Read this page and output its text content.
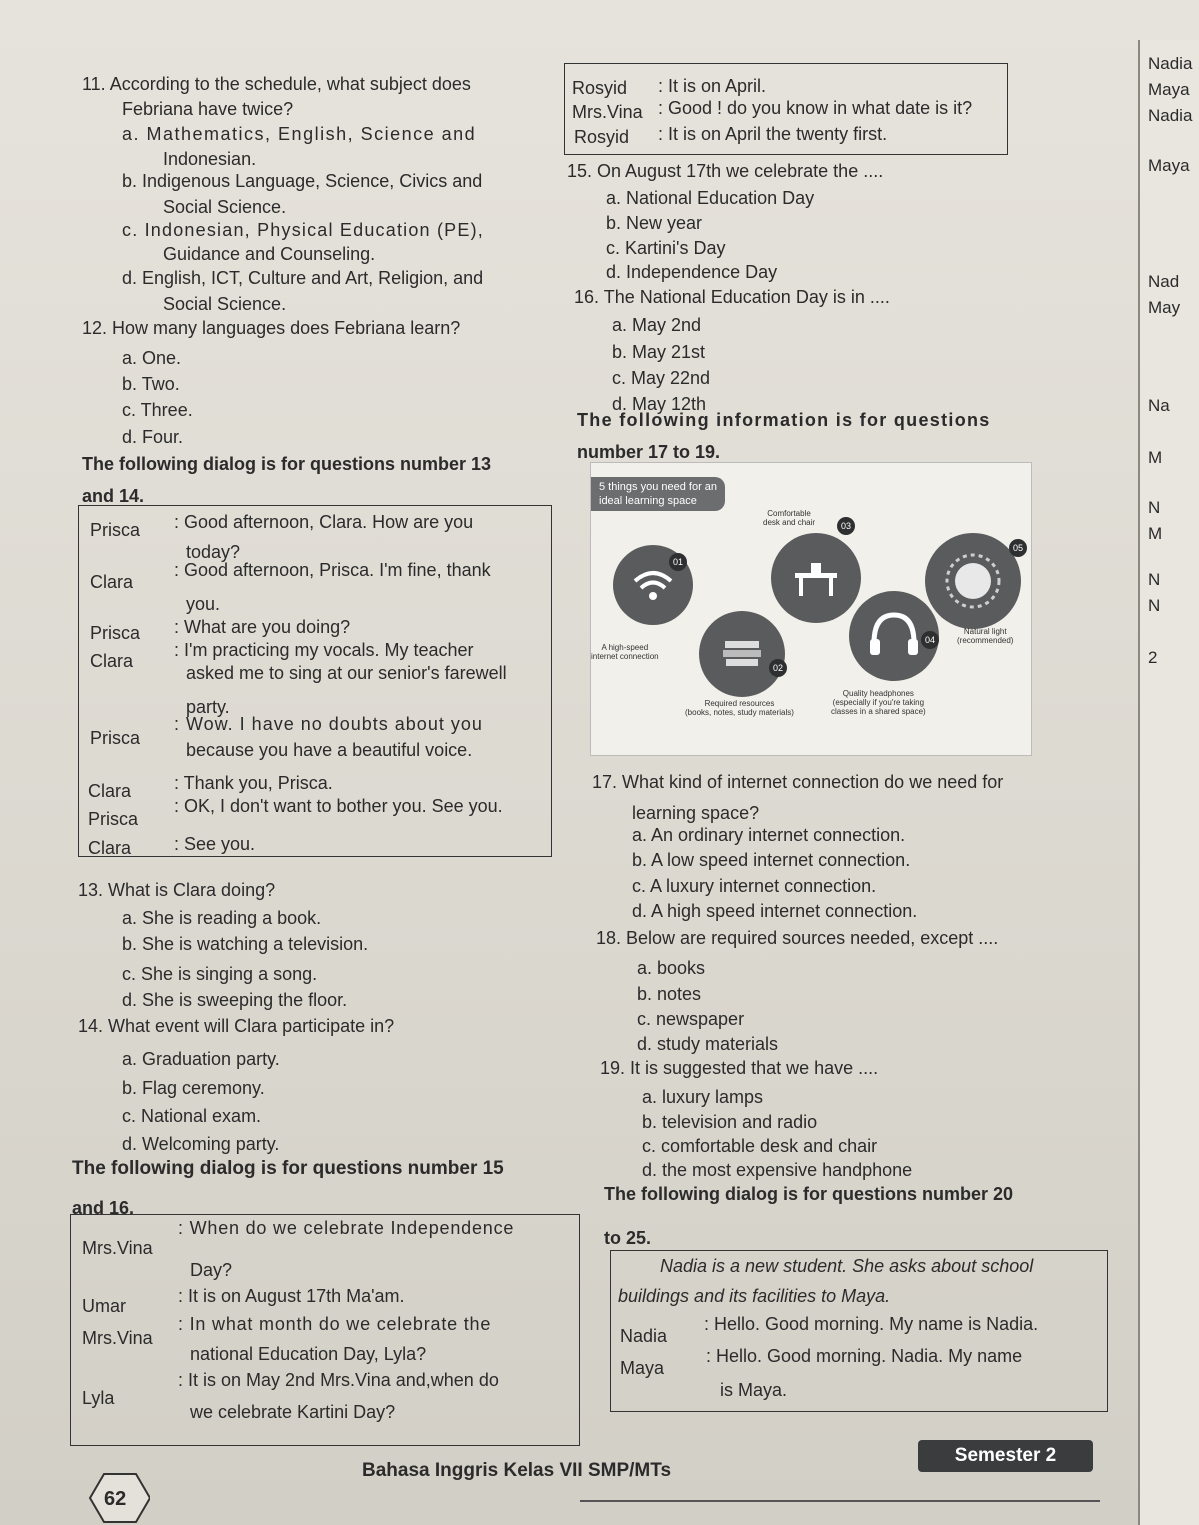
Nadia
Maya
Nadia
Maya
Nad
May
Na
M
N
M
N
N
2
11. According to the schedule, what subject does
Febriana have twice?
a. Mathematics, English, Science and
Indonesian.
b. Indigenous Language, Science, Civics and
Social Science.
c. Indonesian, Physical Education (PE),
Guidance and Counseling.
d. English, ICT, Culture and Art, Religion, and
Social Science.
12. How many languages does Febriana learn?
a. One.
b. Two.
c. Three.
d. Four.
The following dialog is for questions number 13
and 14.
Prisca : Good afternoon, Clara. How are you
today?
Clara
: Good afternoon, Prisca. I'm fine, thank
you.
Prisca : What are you doing?
Clara
: I'm practicing my vocals. My teacher
asked me to sing at our senior's farewell
party.
Prisca
: Wow. I have no doubts about you
because you have a beautiful voice.
Clara : Thank you, Prisca.
Prisca
: OK, I don't want to bother you. See you.
Clara : See you.
13. What is Clara doing?
a. She is reading a book.
b. She is watching a television.
c. She is singing a song.
d. She is sweeping the floor.
14. What event will Clara participate in?
a. Graduation party.
b. Flag ceremony.
c. National exam.
d. Welcoming party.
The following dialog is for questions number 15
and 16.
Mrs.Vina
: When do we celebrate Independence
Day?
Umar	: It is on August 17th Ma'am.
Mrs.Vina
: In what month do we celebrate the
national Education Day, Lyla?
Lyla
: It is on May 2nd Mrs.Vina and,when do
we celebrate Kartini Day?
Rosyid : It is on April.
Mrs.Vina : Good ! do you know in what date is it?
Rosyid : It is on April the twenty first.
15. On August 17th we celebrate the ....
a. National Education Day
b. New year
c. Kartini's Day
d. Independence Day
16. The National Education Day is in ....
a. May 2nd
b. May 21st
c. May 22nd
d. May 12th
The following information is for questions
number 17 to 19.
5 things you need for an
ideal learning space
01
A high-speed
internet connection
02
Required resources
(books, notes, study materials)
03
Comfortable
desk and chair
04
Quality headphones
(especially if you're taking
classes in a shared space)
05
Natural light
(recommended)
17. What kind of internet connection do we need for
learning space?
a. An ordinary internet connection.
b. A low speed internet connection.
c. A luxury internet connection.
d. A high speed internet connection.
18. Below are required sources needed, except ....
a. books
b. notes
c. newspaper
d. study materials
19. It is suggested that we have ....
a. luxury lamps
b. television and radio
c. comfortable desk and chair
d. the most expensive handphone
The following dialog is for questions number 20
to 25.
Nadia is a new student. She asks about school
buildings and its facilities to Maya.
Nadia
: Hello. Good morning. My name is Nadia.
Maya
: Hello. Good morning. Nadia. My name
is Maya.
62
Bahasa Inggris Kelas VII SMP/MTs
Semester 2
